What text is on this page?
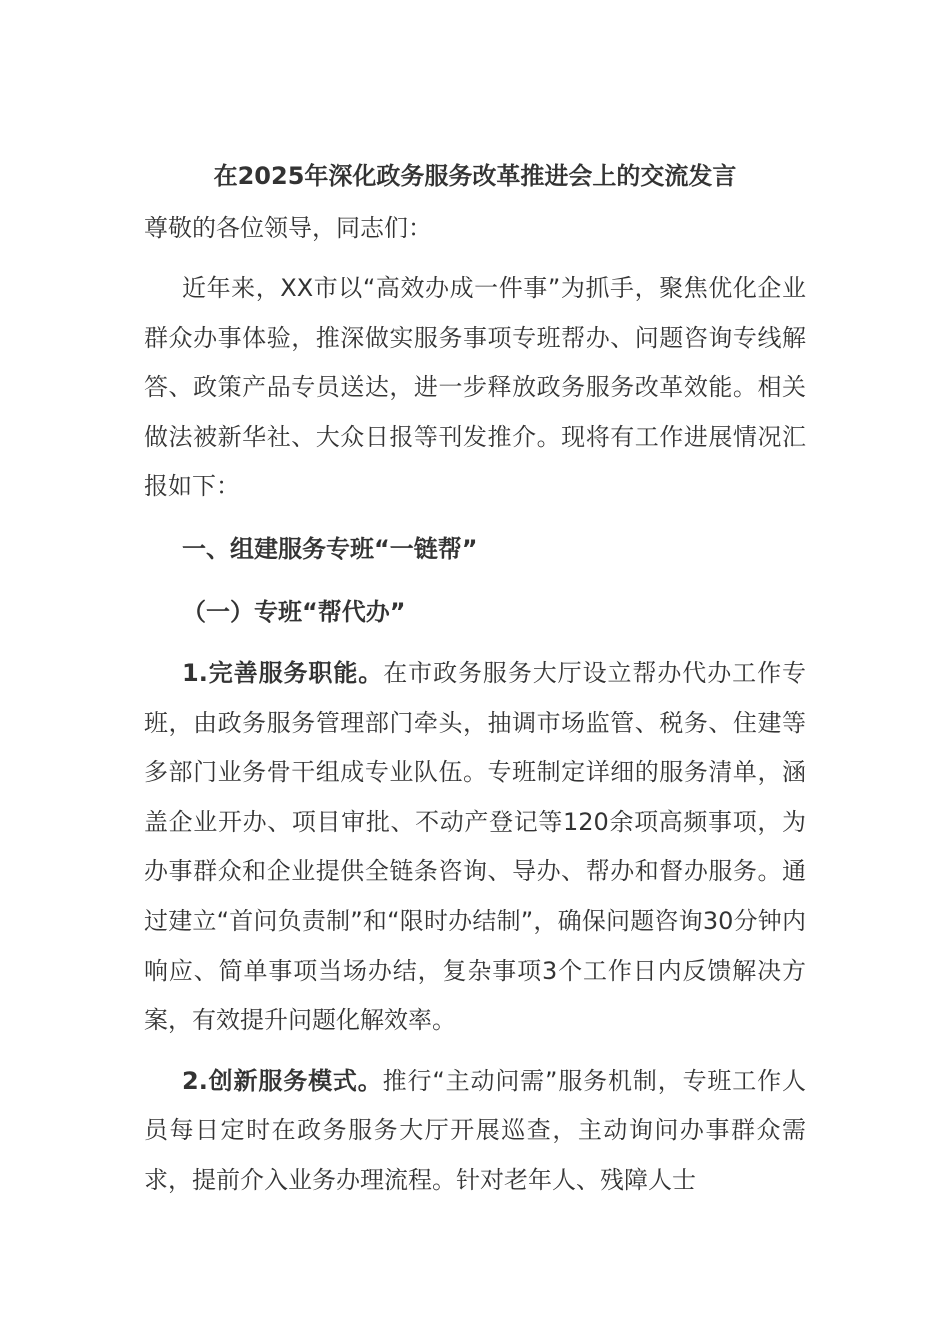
在2025年深化政务服务改革推进会上的交流发言

尊敬的各位领导，同志们：

近年来，XX市以“高效办成一件事”为抓手，聚焦优化企业群众办事体验，推深做实服务事项专班帮办、问题咨询专线解答、政策产品专员送达，进一步释放政务服务改革效能。相关做法被新华社、大众日报等刊发推介。现将有工作进展情况汇报如下：

一、组建服务专班“一链帮”
（一）专班“帮代办”

1.完善服务职能。在市政务服务大厅设立帮办代办工作专班，由政务服务管理部门牵头，抽调市场监管、税务、住建等多部门业务骨干组成专业队伍。专班制定详细的服务清单，涵盖企业开办、项目审批、不动产登记等120余项高频事项，为办事群众和企业提供全链条咨询、导办、帮办和督办服务。通过建立“首问负责制”和“限时办结制”，确保问题咨询30分钟内响应、简单事项当场办结，复杂事项3个工作日内反馈解决方案，有效提升问题化解效率。

2.创新服务模式。推行“主动问需”服务机制，专班工作人员每日定时在政务服务大厅开展巡查，主动询问办事群众需求，提前介入业务办理流程。针对老年人、残障人士
